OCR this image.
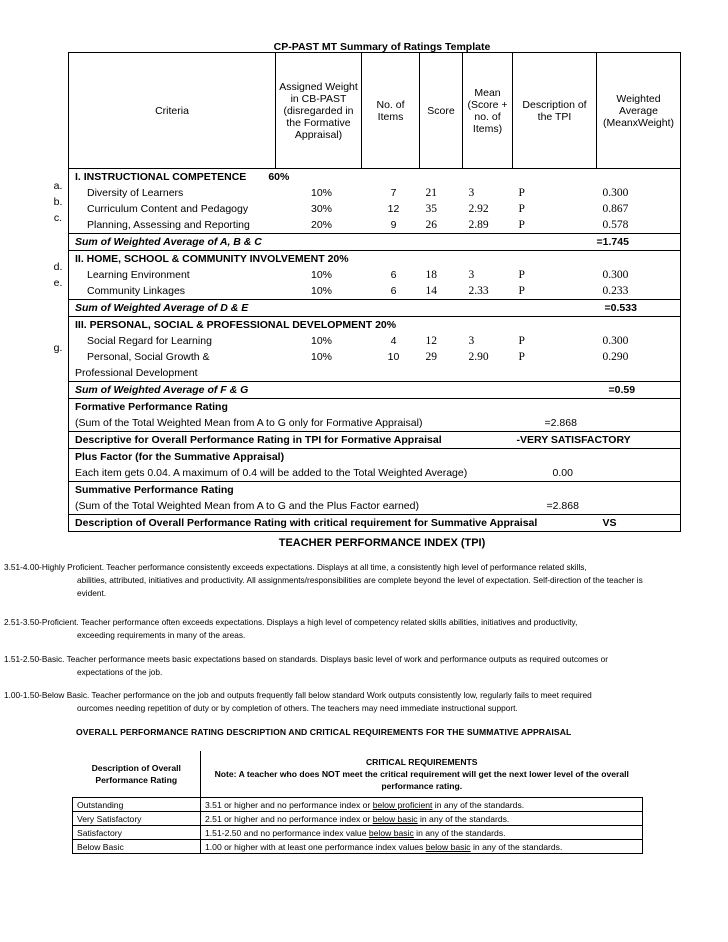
CP-PAST MT Summary of Ratings Template
a.
b.
c.
d.
e.
g.
Criteria	Assigned Weight in CB-PAST (disregarded in the Formative Appraisal)	No. of Items	Score	Mean (Score + no. of Items)	Description of the TPI	Weighted Average (MeanxWeight)
I. INSTRUCTIONAL COMPETENCE 60%						
Diversity of Learners	10%	7	21	3	P	0.300
Curriculum Content and Pedagogy	30%	12	35	2.92	P	0.867
Planning, Assessing and Reporting	20%	9	26	2.89	P	0.578
Sum of Weighted Average of A, B & C						=1.745
II. HOME, SCHOOL & COMMUNITY INVOLVEMENT 20%						
Learning Environment	10%	6	18	3	P	0.300
Community Linkages	10%	6	14	2.33	P	0.233
Sum of Weighted Average of D & E						=0.533
III. PERSONAL, SOCIAL & PROFESSIONAL DEVELOPMENT 20%						
Social Regard for Learning	10%	4	12	3	P	0.300
Personal, Social Growth &	10%	10	29	2.90	P	0.290
Professional Development						
Sum of Weighted Average of F & G						=0.59
Formative Performance Rating						
(Sum of the Total Weighted Mean from A to G only for Formative Appraisal)					=2.868	
Descriptive for Overall Performance Rating in TPI for Formative Appraisal					-VERY SATISFACTORY	
Plus Factor (for the Summative Appraisal)						
Each item gets 0.04. A maximum of 0.4 will be added to the Total Weighted Average)					0.00	
Summative Performance Rating						
(Sum of the Total Weighted Mean from A to G and the Plus Factor earned)					=2.868	
Description of Overall Performance Rating with critical requirement for Summative Appraisal						VS
TEACHER PERFORMANCE INDEX (TPI)
3.51-4.00-Highly Proficient. Teacher performance consistently exceeds expectations. Displays at all time, a consistently high level of performance related skills,
abilities, attributed, initiatives and productivity. All assignments/responsibilities are complete beyond the level of expectation. Self-direction of the teacher is
evident.
2.51-3.50-Proficient. Teacher performance often exceeds expectations. Displays a high level of competency related skills abilities, initiatives and productivity,
exceeding requirements in many of the areas.
1.51-2.50-Basic. Teacher performance meets basic expectations based on standards. Displays basic level of work and performance outputs as required outcomes or
expectations of the job.
1.00-1.50-Below Basic. Teacher performance on the job and outputs frequently fall below standard Work outputs consistently low, regularly fails to meet required
ourcomes needing repetition of duty or by completion of others. The teachers may need immediate instructional support.
OVERALL PERFORMANCE RATING DESCRIPTION AND CRITICAL REQUIREMENTS FOR THE SUMMATIVE APPRAISAL
Description of Overall Performance Rating	CRITICAL REQUIREMENTS
Note: A teacher who does NOT meet the critical requirement will get the next lower level of the overall performance rating.

Outstanding	3.51 or higher and no performance index or below proficient in any of the standards.
Very Satisfactory	2.51 or higher and no performance index or below basic in any of the standards.
Satisfactory	1.51-2.50 and no performance index value below basic in any of the standards.
Below Basic	1.00 or higher with at least one performance index values below basic in any of the standards.
